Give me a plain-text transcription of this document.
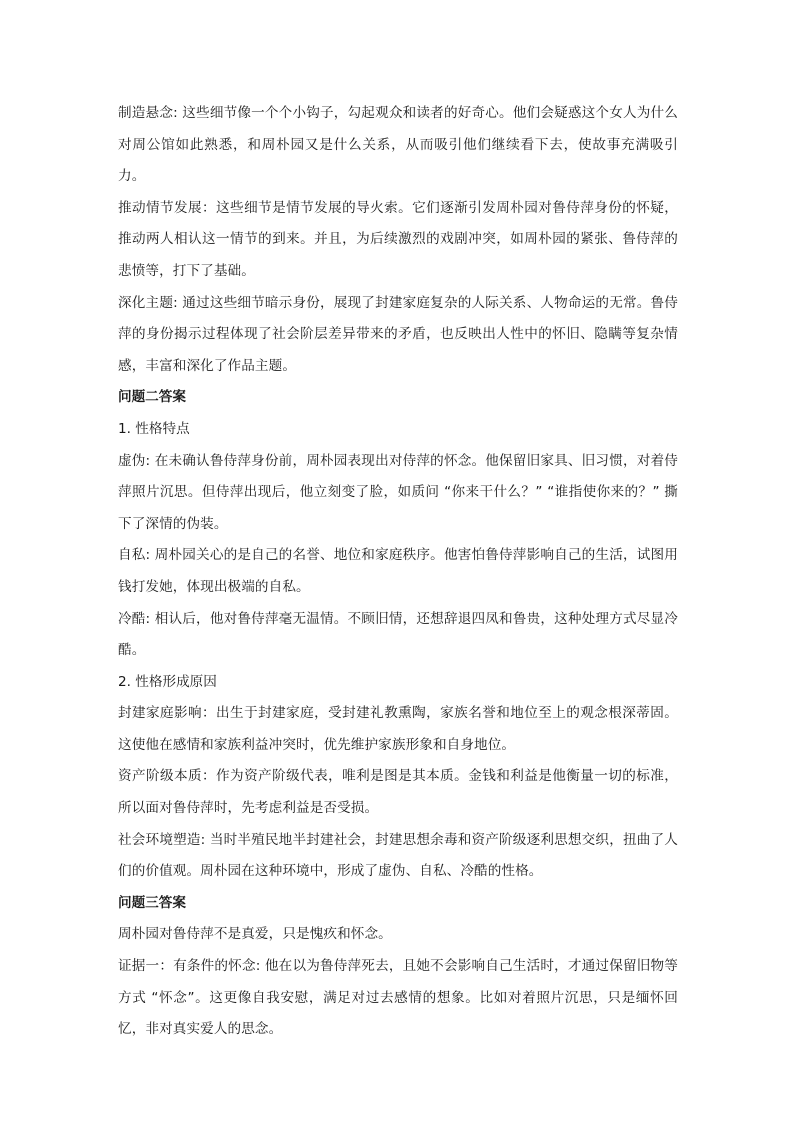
制造悬念: 这些细节像一个个小钩子，勾起观众和读者的好奇心。他们会疑惑这个女人为什么对周公馆如此熟悉，和周朴园又是什么关系，从而吸引他们继续看下去，使故事充满吸引力。

推动情节发展：这些细节是情节发展的导火索。它们逐渐引发周朴园对鲁侍萍身份的怀疑，推动两人相认这一情节的到来。并且，为后续激烈的戏剧冲突，如周朴园的紧张、鲁侍萍的悲愤等，打下了基础。

深化主题: 通过这些细节暗示身份，展现了封建家庭复杂的人际关系、人物命运的无常。鲁侍萍的身份揭示过程体现了社会阶层差异带来的矛盾，也反映出人性中的怀旧、隐瞒等复杂情感，丰富和深化了作品主题。

问题二答案

1. 性格特点

虚伪: 在未确认鲁侍萍身份前，周朴园表现出对侍萍的怀念。他保留旧家具、旧习惯，对着侍萍照片沉思。但侍萍出现后，他立刻变了脸，如质问 “你来干什么？” “谁指使你来的？” 撕下了深情的伪装。

自私: 周朴园关心的是自己的名誉、地位和家庭秩序。他害怕鲁侍萍影响自己的生活，试图用钱打发她，体现出极端的自私。

冷酷: 相认后，他对鲁侍萍毫无温情。不顾旧情，还想辞退四凤和鲁贵，这种处理方式尽显冷酷。

2. 性格形成原因

封建家庭影响：出生于封建家庭，受封建礼教熏陶，家族名誉和地位至上的观念根深蒂固。这使他在感情和家族利益冲突时，优先维护家族形象和自身地位。

资产阶级本质：作为资产阶级代表，唯利是图是其本质。金钱和利益是他衡量一切的标准，所以面对鲁侍萍时，先考虑利益是否受损。

社会环境塑造: 当时半殖民地半封建社会，封建思想余毒和资产阶级逐利思想交织，扭曲了人们的价值观。周朴园在这种环境中，形成了虚伪、自私、冷酷的性格。

问题三答案

周朴园对鲁侍萍不是真爱，只是愧疚和怀念。

证据一：有条件的怀念: 他在以为鲁侍萍死去，且她不会影响自己生活时，才通过保留旧物等方式 “怀念”。这更像自我安慰，满足对过去感情的想象。比如对着照片沉思，只是缅怀回忆，非对真实爱人的思念。
